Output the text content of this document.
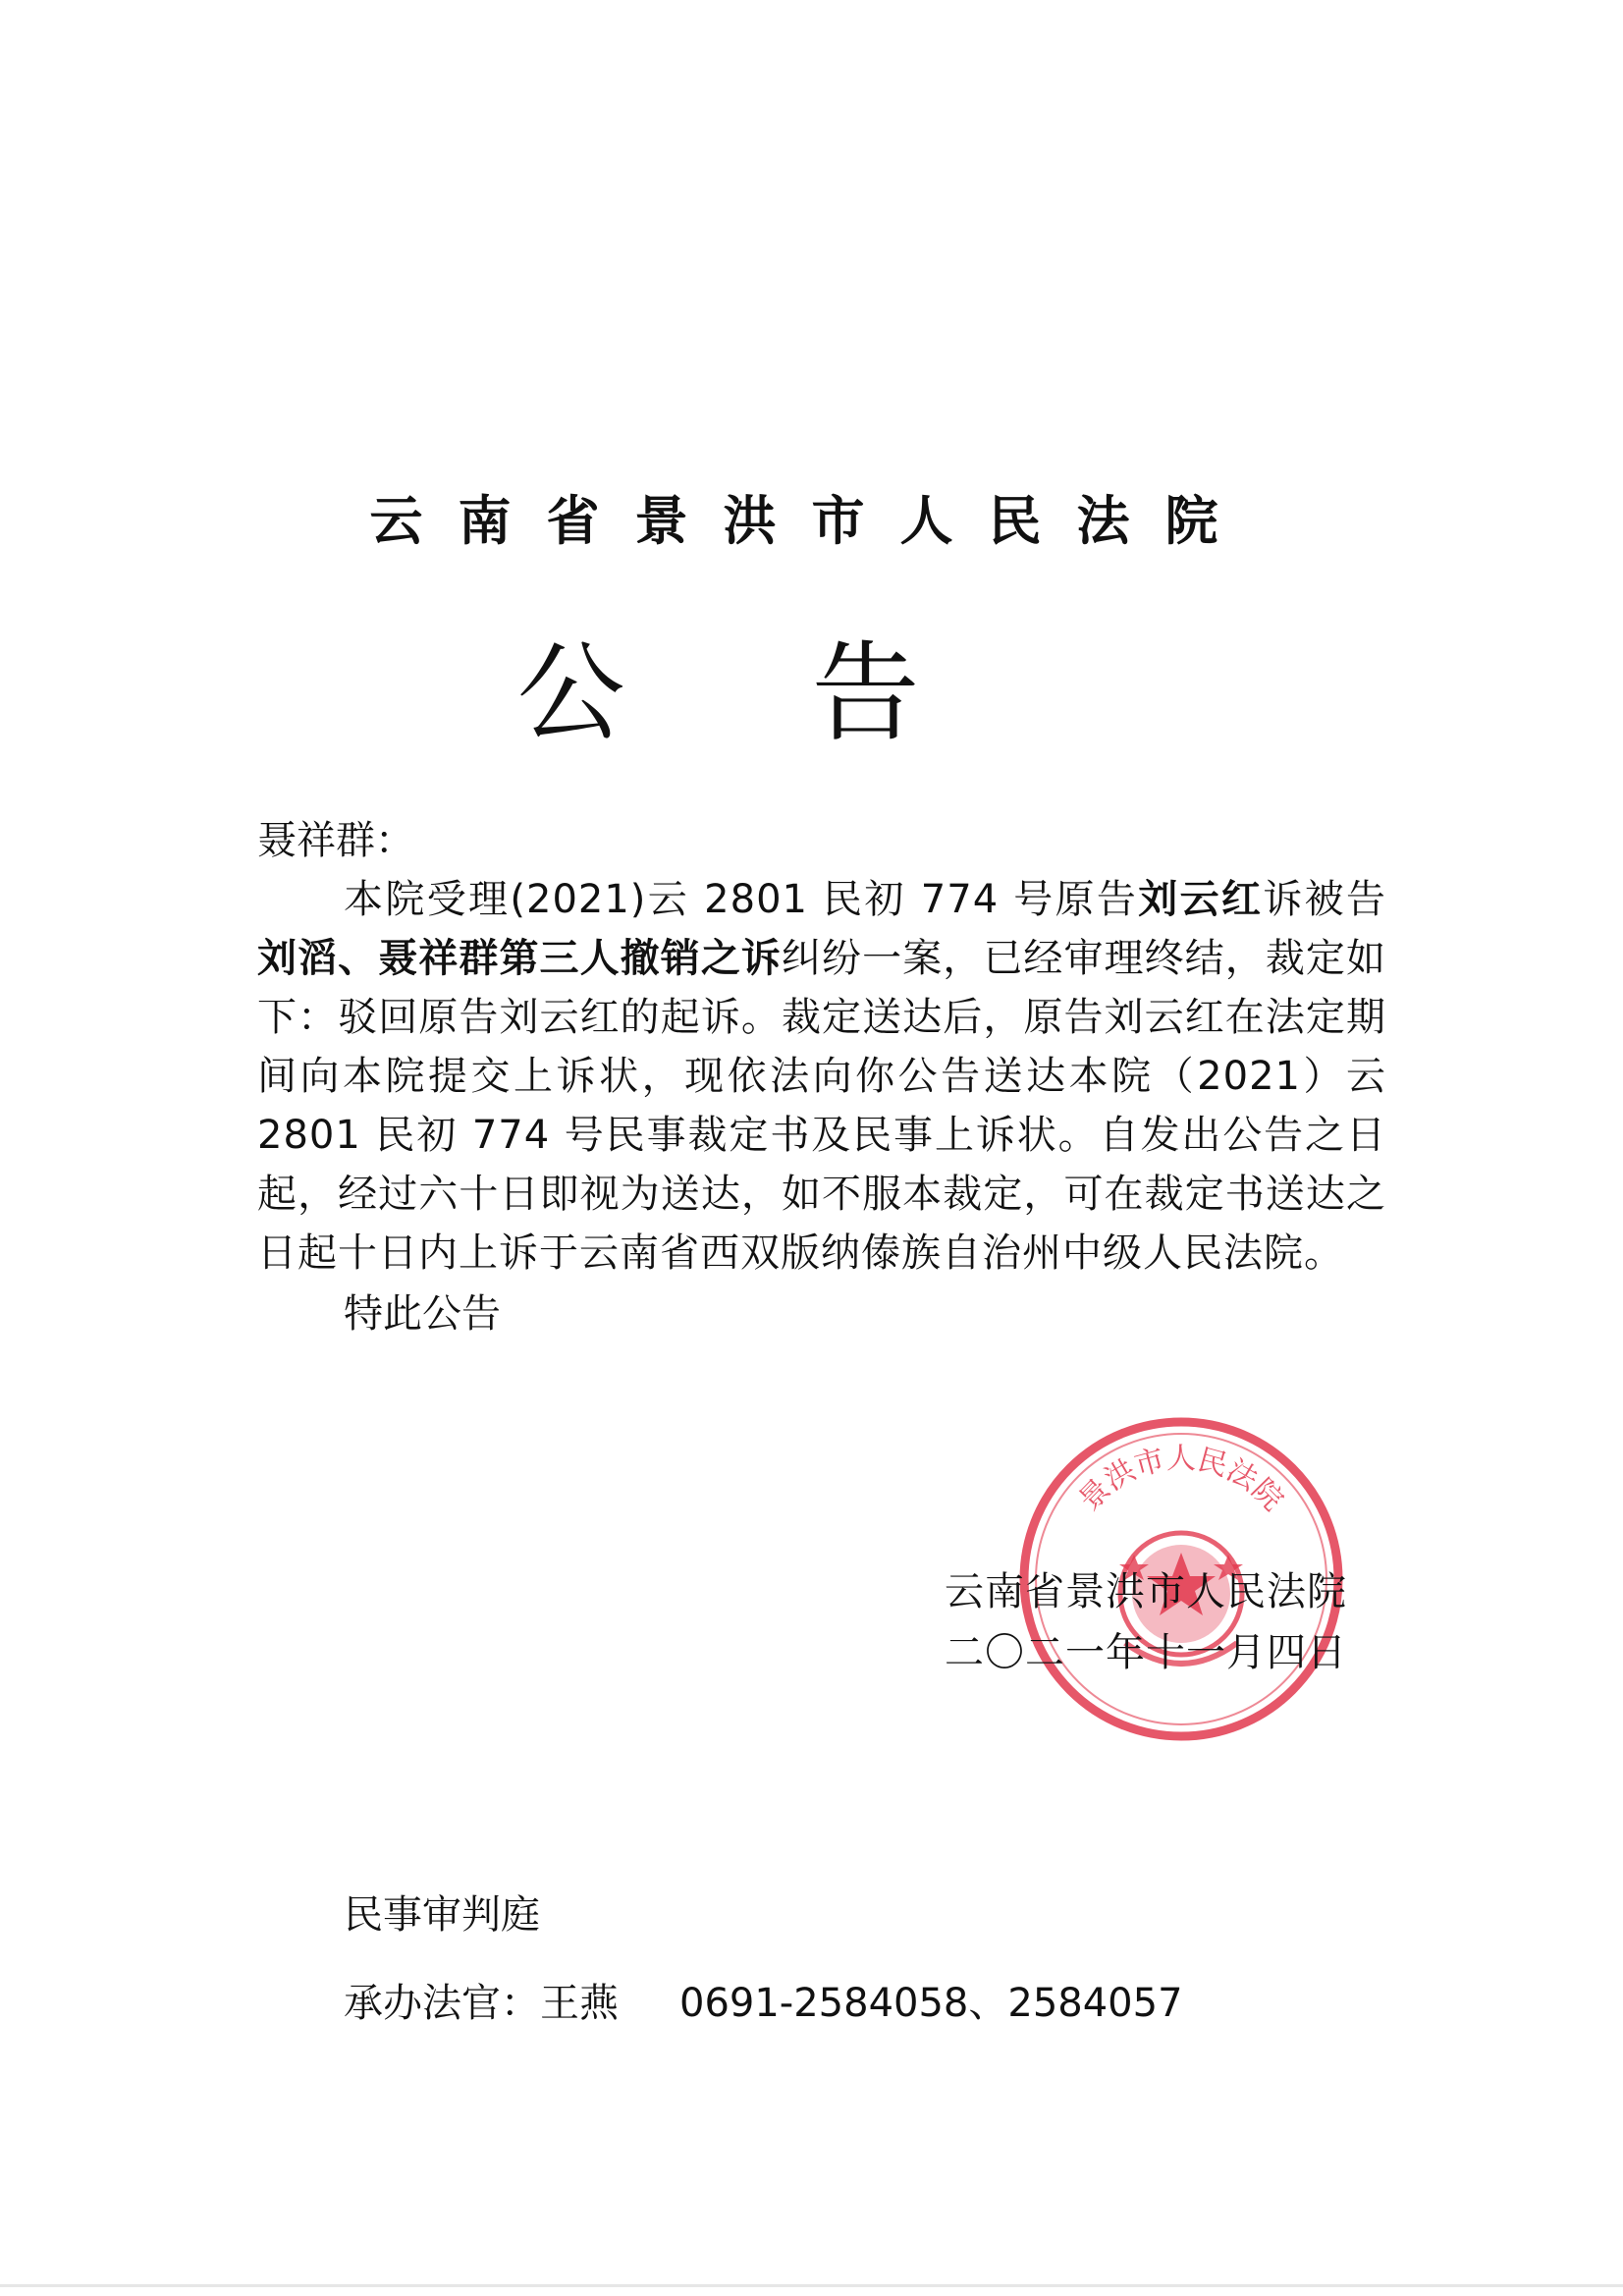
云南省景洪市人民法院
公告
聂祥群：
本院受理(2021)云 2801 民初 774 号原告刘云红诉被告刘滔、聂祥群第三人撤销之诉纠纷一案，已经审理终结，裁定如下：驳回原告刘云红的起诉。裁定送达后，原告刘云红在法定期间向本院提交上诉状，现依法向你公告送达本院（2021）云 2801 民初 774 号民事裁定书及民事上诉状。自发出公告之日起，经过六十日即视为送达，如不服本裁定，可在裁定书送达之日起十日内上诉于云南省西双版纳傣族自治州中级人民法院。
特此公告
景洪市人民法院
云南省景洪市人民法院
二〇二一年十一月四日
民事审判庭
承办法官：王燕 0691-2584058、2584057
